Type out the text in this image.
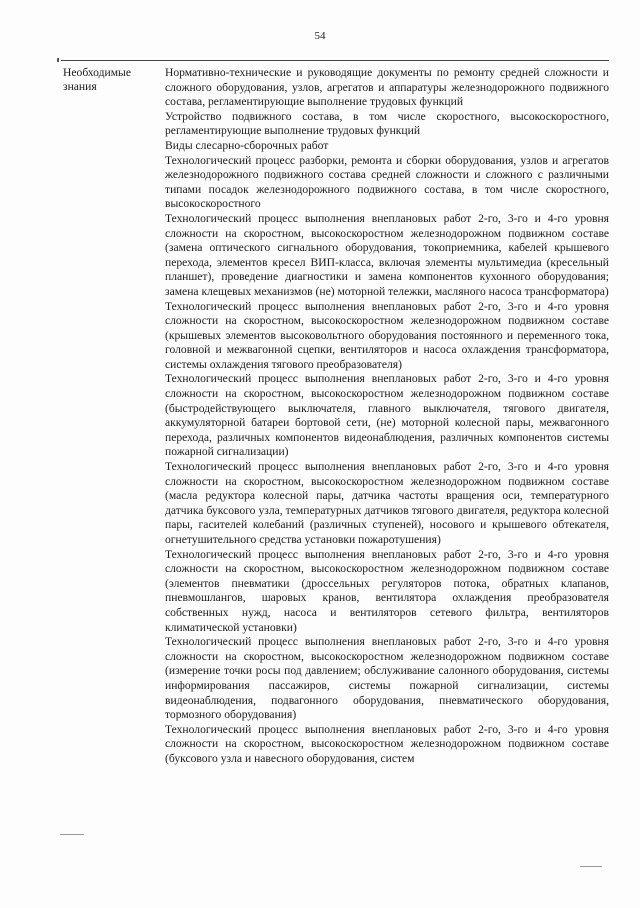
54
Необходимые знания

Нормативно-технические и руководящие документы по ремонту средней сложности и сложного оборудования, узлов, агрегатов и аппаратуры железнодорожного подвижного состава, регламентирующие выполнение трудовых функций

Устройство подвижного состава, в том числе скоростного, высокоскоростного, регламентирующие выполнение трудовых функций

Виды слесарно-сборочных работ

Технологический процесс разборки, ремонта и сборки оборудования, узлов и агрегатов железнодорожного подвижного состава средней сложности и сложного с различными типами посадок железнодорожного подвижного состава, в том числе скоростного, высокоскоростного

Технологический процесс выполнения внеплановых работ 2-го, 3-го и 4-го уровня сложности на скоростном, высокоскоростном железнодорожном подвижном составе (замена оптического сигнального оборудования, токоприемника, кабелей крышевого перехода, элементов кресел ВИП-класса, включая элементы мультимедиа (кресельный планшет), проведение диагностики и замена компонентов кухонного оборудования; замена клещевых механизмов (не) моторной тележки, масляного насоса трансформатора)

Технологический процесс выполнения внеплановых работ 2-го, 3-го и 4-го уровня сложности на скоростном, высокоскоростном железнодорожном подвижном составе (крышевых элементов высоковольтного оборудования постоянного и переменного тока, головной и межвагонной сцепки, вентиляторов и насоса охлаждения трансформатора, системы охлаждения тягового преобразователя)

Технологический процесс выполнения внеплановых работ 2-го, 3-го и 4-го уровня сложности на скоростном, высокоскоростном железнодорожном подвижном составе (быстродействующего выключателя, главного выключателя, тягового двигателя, аккумуляторной батареи бортовой сети, (не) моторной колесной пары, межвагонного перехода, различных компонентов видеонаблюдения, различных компонентов системы пожарной сигнализации)

Технологический процесс выполнения внеплановых работ 2-го, 3-го и 4-го уровня сложности на скоростном, высокоскоростном железнодорожном подвижном составе (масла редуктора колесной пары, датчика частоты вращения оси, температурного датчика буксового узла, температурных датчиков тягового двигателя, редуктора колесной пары, гасителей колебаний (различных ступеней), носового и крышевого обтекателя, огнетушительного средства установки пожаротушения)

Технологический процесс выполнения внеплановых работ 2-го, 3-го и 4-го уровня сложности на скоростном, высокоскоростном железнодорожном подвижном составе (элементов пневматики (дроссельных регуляторов потока, обратных клапанов, пневмошлангов, шаровых кранов, вентилятора охлаждения преобразователя собственных нужд, насоса и вентиляторов сетевого фильтра, вентиляторов климатической установки)

Технологический процесс выполнения внеплановых работ 2-го, 3-го и 4-го уровня сложности на скоростном, высокоскоростном железнодорожном подвижном составе (измерение точки росы под давлением; обслуживание салонного оборудования, системы информирования пассажиров, системы пожарной сигнализации, системы видеонаблюдения, подвагонного оборудования, пневматического оборудования, тормозного оборудования)

Технологический процесс выполнения внеплановых работ 2-го, 3-го и 4-го уровня сложности на скоростном, высокоскоростном железнодорожном подвижном составе (буксового узла и навесного оборудования, систем
